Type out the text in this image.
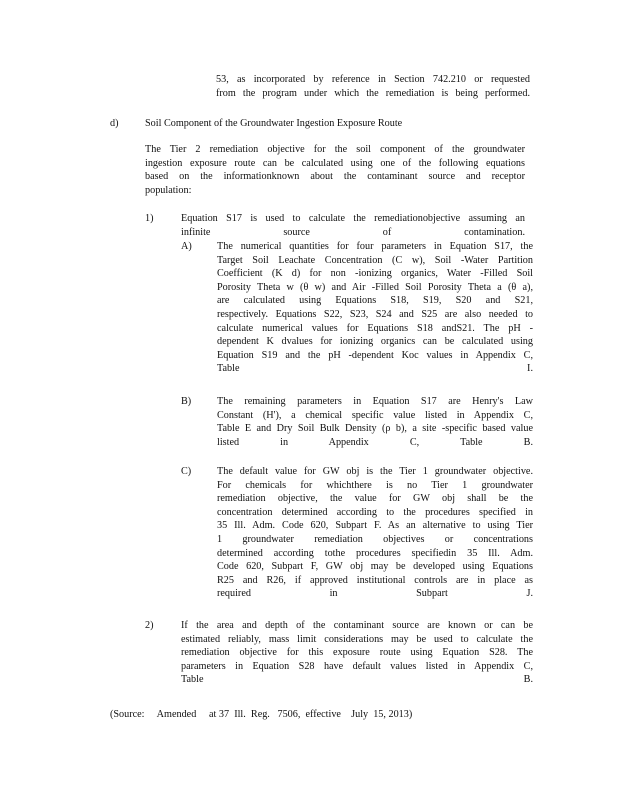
53, as incorporated by reference in Section 742.210 or requested
from the program under which the remediation is being performed.
d)	Soil Component of the Groundwater Ingestion Exposure Route
The Tier 2 remediation objective for the soil component of the groundwater
ingestion exposure route can be calculated using one of the following equations
based on the informationknown about the contaminant source and receptor
population:
1)	Equation S17 is used to calculate the remediationobjective assuming an
infinite source of contamination.
A) The numerical quantities for four parameters in Equation S17, the
Target Soil Leachate Concentration (C w), Soil -Water Partition
Coefficient (K d) for non -ionizing organics, Water -Filled Soil
Porosity Theta w (θ w) and Air -Filled Soil Porosity Theta a (θ a),
are calculated using Equations S18, S19, S20 and S21,
respectively. Equations S22, S23, S24 and S25 are also needed to
calculate numerical values for Equations S18 andS21. The pH -
dependent K dvalues for ionizing organics can be calculated using
Equation S19 and the pH -dependent Koc values in Appendix C,
Table I.
B)	The remaining parameters in Equation S17 are Henry's Law
Constant (H'), a chemical specific value listed in Appendix C,
Table E and Dry Soil Bulk Density (ρ b), a site -specific based value
listed in Appendix C, Table B.
C)	The default value for GW obj is the Tier 1 groundwater objective.
For chemicals for whichthere is no Tier 1 groundwater
remediation objective, the value for GW obj shall be the
concentration determined according to the procedures specified in
35 Ill. Adm. Code 620, Subpart F. As an alternative to using Tier
1 groundwater remediation objectives or concentrations
determined according tothe procedures specifiedin 35 Ill. Adm.
Code 620, Subpart F, GW obj may be developed using Equations
R25 and R26, if approved institutional controls are in place as
required in Subpart J.
2)	If the area and depth of the contaminant source are known or can be
estimated reliably, mass limit considerations may be used to calculate the
remediation objective for this exposure route using Equation S28. The
parameters in Equation S28 have default values listed in Appendix C,
Table B.
(Source:     Amended     at 37  Ill.  Reg.   7506,  effective    July  15, 2013)
